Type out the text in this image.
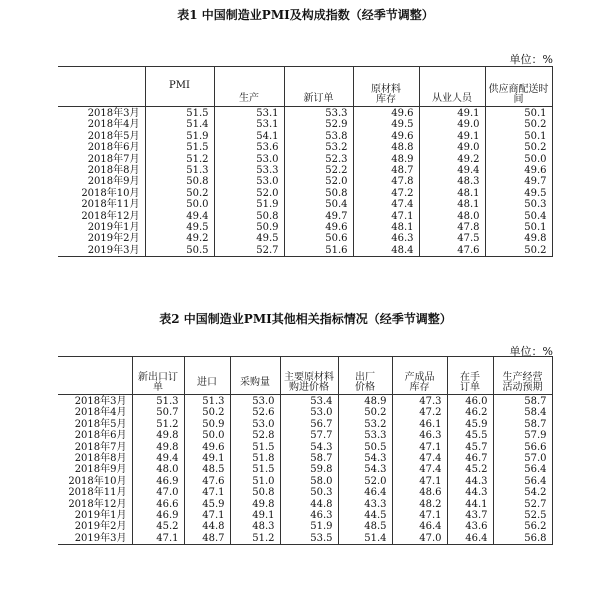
表1 中国制造业PMI及构成指数（经季节调整）
单位：%
	PMI	生产	新订单	原材料库存	从业人员	供应商配送时间

2018年3月	51.5	53.1	53.3	49.6	49.1	50.1
2018年4月	51.4	53.1	52.9	49.5	49.0	50.2
2018年5月	51.9	54.1	53.8	49.6	49.1	50.1
2018年6月	51.5	53.6	53.2	48.8	49.0	50.2
2018年7月	51.2	53.0	52.3	48.9	49.2	50.0
2018年8月	51.3	53.3	52.2	48.7	49.4	49.6
2018年9月	50.8	53.0	52.0	47.8	48.3	49.7
2018年10月	50.2	52.0	50.8	47.2	48.1	49.5
2018年11月	50.0	51.9	50.4	47.4	48.1	50.3
2018年12月	49.4	50.8	49.7	47.1	48.0	50.4
2019年1月	49.5	50.9	49.6	48.1	47.8	50.1
2019年2月	49.2	49.5	50.6	46.3	47.5	49.8
2019年3月	50.5	52.7	51.6	48.4	47.6	50.2
表2 中国制造业PMI其他相关指标情况（经季节调整）
单位：%

	新出口订单	进口	采购量	主要原材料购进价格	出厂价格	产成品库存	在手订单	生产经营活动预期

2018年3月	51.3	51.3	53.0	53.4	48.9	47.3	46.0	58.7
2018年4月	50.7	50.2	52.6	53.0	50.2	47.2	46.2	58.4
2018年5月	51.2	50.9	53.0	56.7	53.2	46.1	45.9	58.7
2018年6月	49.8	50.0	52.8	57.7	53.3	46.3	45.5	57.9
2018年7月	49.8	49.6	51.5	54.3	50.5	47.1	45.7	56.6
2018年8月	49.4	49.1	51.8	58.7	54.3	47.4	46.7	57.0
2018年9月	48.0	48.5	51.5	59.8	54.3	47.4	45.2	56.4
2018年10月	46.9	47.6	51.0	58.0	52.0	47.1	44.3	56.4
2018年11月	47.0	47.1	50.8	50.3	46.4	48.6	44.3	54.2
2018年12月	46.6	45.9	49.8	44.8	43.3	48.2	44.1	52.7
2019年1月	46.9	47.1	49.1	46.3	44.5	47.1	43.7	52.5
2019年2月	45.2	44.8	48.3	51.9	48.5	46.4	43.6	56.2
2019年3月	47.1	48.7	51.2	53.5	51.4	47.0	46.4	56.8
